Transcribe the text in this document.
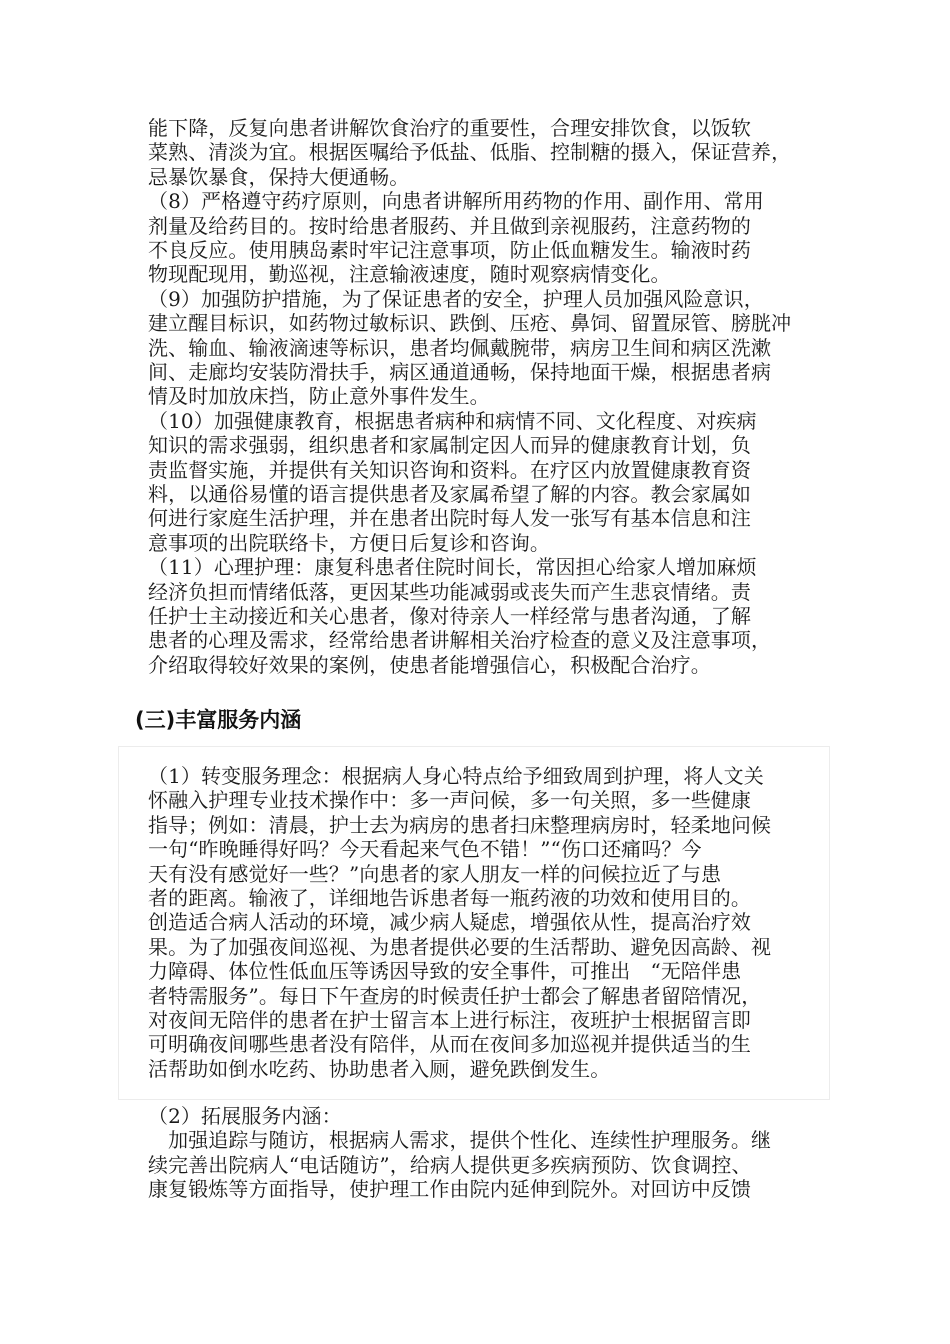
能下降，反复向患者讲解饮食治疗的重要性，合理安排饮食，以饭软
菜熟、清淡为宜。根据医嘱给予低盐、低脂、控制糖的摄入，保证营养，
忌暴饮暴食，保持大便通畅。
（8）严格遵守药疗原则，向患者讲解所用药物的作用、副作用、常用
剂量及给药目的。按时给患者服药、并且做到亲视服药，注意药物的
不良反应。使用胰岛素时牢记注意事项，防止低血糖发生。输液时药
物现配现用，勤巡视，注意输液速度，随时观察病情变化。
（9）加强防护措施，为了保证患者的安全，护理人员加强风险意识，
建立醒目标识，如药物过敏标识、跌倒、压疮、鼻饲、留置尿管、膀胱冲
洗、输血、输液滴速等标识，患者均佩戴腕带，病房卫生间和病区洗漱
间、走廊均安装防滑扶手，病区通道通畅，保持地面干燥，根据患者病
情及时加放床挡，防止意外事件发生。
（10）加强健康教育，根据患者病种和病情不同、文化程度、对疾病
知识的需求强弱，组织患者和家属制定因人而异的健康教育计划，负
责监督实施，并提供有关知识咨询和资料。在疗区内放置健康教育资
料，以通俗易懂的语言提供患者及家属希望了解的内容。教会家属如
何进行家庭生活护理，并在患者出院时每人发一张写有基本信息和注
意事项的出院联络卡，方便日后复诊和咨询。
（11）心理护理：康复科患者住院时间长，常因担心给家人增加麻烦
经济负担而情绪低落，更因某些功能减弱或丧失而产生悲哀情绪。责
任护士主动接近和关心患者，像对待亲人一样经常与患者沟通，了解
患者的心理及需求，经常给患者讲解相关治疗检查的意义及注意事项，
介绍取得较好效果的案例，使患者能增强信心，积极配合治疗。
(三)丰富服务内涵
（1）转变服务理念：根据病人身心特点给予细致周到护理，将人文关
怀融入护理专业技术操作中：多一声问候，多一句关照，多一些健康
指导；例如：清晨，护士去为病房的患者扫床整理病房时，轻柔地问候
一句“昨晚睡得好吗？今天看起来气色不错！”“伤口还痛吗？今
天有没有感觉好一些？”向患者的家人朋友一样的问候拉近了与患
者的距离。输液了，详细地告诉患者每一瓶药液的功效和使用目的。
创造适合病人活动的环境，减少病人疑虑，增强依从性，提高治疗效
果。为了加强夜间巡视、为患者提供必要的生活帮助、避免因高龄、视
力障碍、体位性低血压等诱因导致的安全事件，可推出　“无陪伴患
者特需服务”。每日下午查房的时候责任护士都会了解患者留陪情况，
对夜间无陪伴的患者在护士留言本上进行标注，夜班护士根据留言即
可明确夜间哪些患者没有陪伴，从而在夜间多加巡视并提供适当的生
活帮助如倒水吃药、协助患者入厕，避免跌倒发生。
（2）拓展服务内涵：
　加强追踪与随访，根据病人需求，提供个性化、连续性护理服务。继
续完善出院病人“电话随访”，给病人提供更多疾病预防、饮食调控、
康复锻炼等方面指导，使护理工作由院内延伸到院外。对回访中反馈
